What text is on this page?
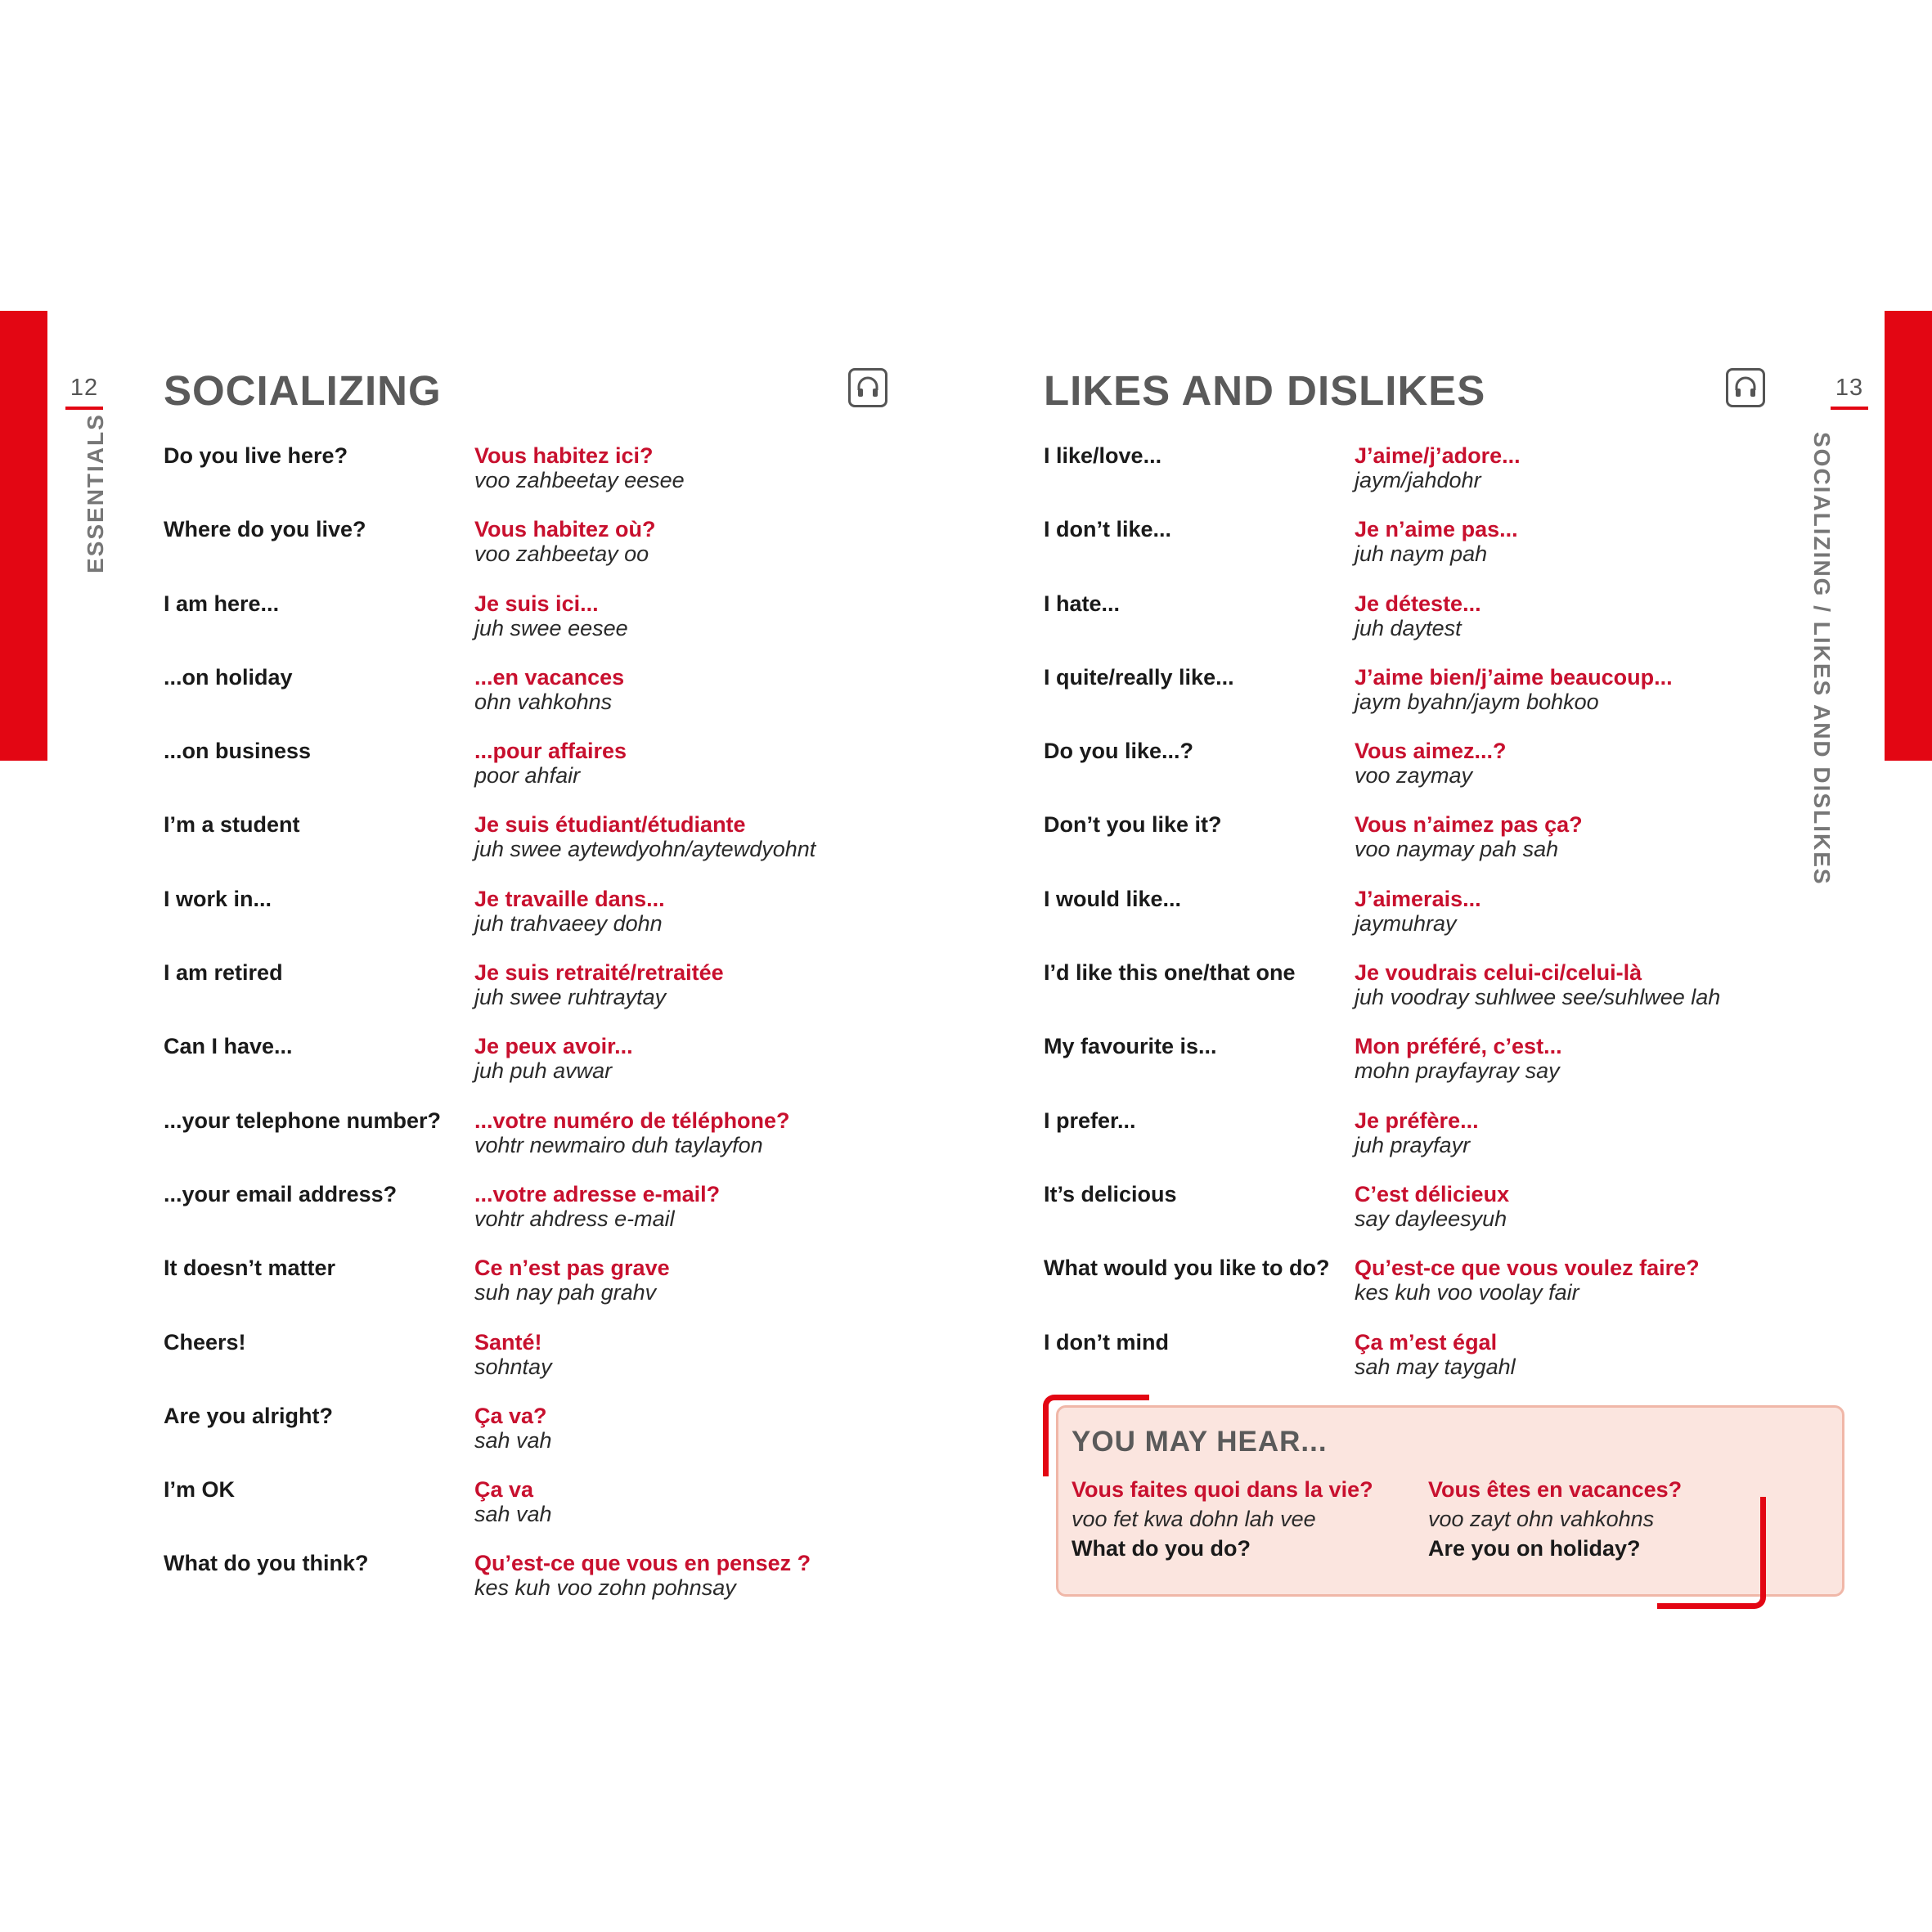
12
ESSENTIALS
SOCIALIZING
Do you live here?	Vous habitez ici?
voo zahbeetay eesee
Where do you live?	Vous habitez où?
voo zahbeetay oo
I am here...	Je suis ici...
juh swee eesee
...on holiday	...en vacances
ohn vahkohns
...on business	...pour affaires
poor ahfair
I’m a student	Je suis étudiant/étudiante
juh swee aytewdyohn/aytewdyohnt
I work in...	Je travaille dans...
juh trahvaeey dohn
I am retired	Je suis retraité/retraitée
juh swee ruhtraytay
Can I have...	Je peux avoir...
juh puh avwar
...your telephone number? ...votre numéro de téléphone?
vohtr newmairo duh taylayfon
...your email address?	...votre adresse e-mail?
vohtr ahdress e-mail
It doesn’t matter	Ce n’est pas grave
suh nay pah grahv
Cheers!	Santé!
sohntay
Are you alright?	Ça va?
sah vah
I’m OK	Ça va
sah vah
What do you think?	Qu’est-ce que vous en pensez ?
kes kuh voo zohn pohnsay
13
SOCIALIZING / LIKES AND DISLIKES
LIKES AND DISLIKES
I like/love...	J’aime/j’adore...
jaym/jahdohr
I don’t like...	Je n’aime pas...
juh naym pah
I hate...	Je déteste...
juh daytest
I quite/really like...	J’aime bien/j’aime beaucoup...
jaym byahn/jaym bohkoo
Do you like...?	Vous aimez...?
voo zaymay
Don’t you like it?	Vous n’aimez pas ça?
voo naymay pah sah
I would like...	J’aimerais...
jaymuhray
I’d like this one/that one	Je voudrais celui-ci/celui-là
juh voodray suhlwee see/suhlwee lah
My favourite is...	Mon préféré, c’est...
mohn prayfayray say
I prefer...	Je préfère...
juh prayfayr
It’s delicious	C’est délicieux
say dayleesyuh
What would you like to do? Qu’est-ce que vous voulez faire?
kes kuh voo voolay fair
I don’t mind	Ça m’est égal
sah may taygahl
YOU MAY HEAR...
Vous faites quoi dans la vie?
voo fet kwa dohn lah vee
What do you do?
Vous êtes en vacances?
voo zayt ohn vahkohns
Are you on holiday?
